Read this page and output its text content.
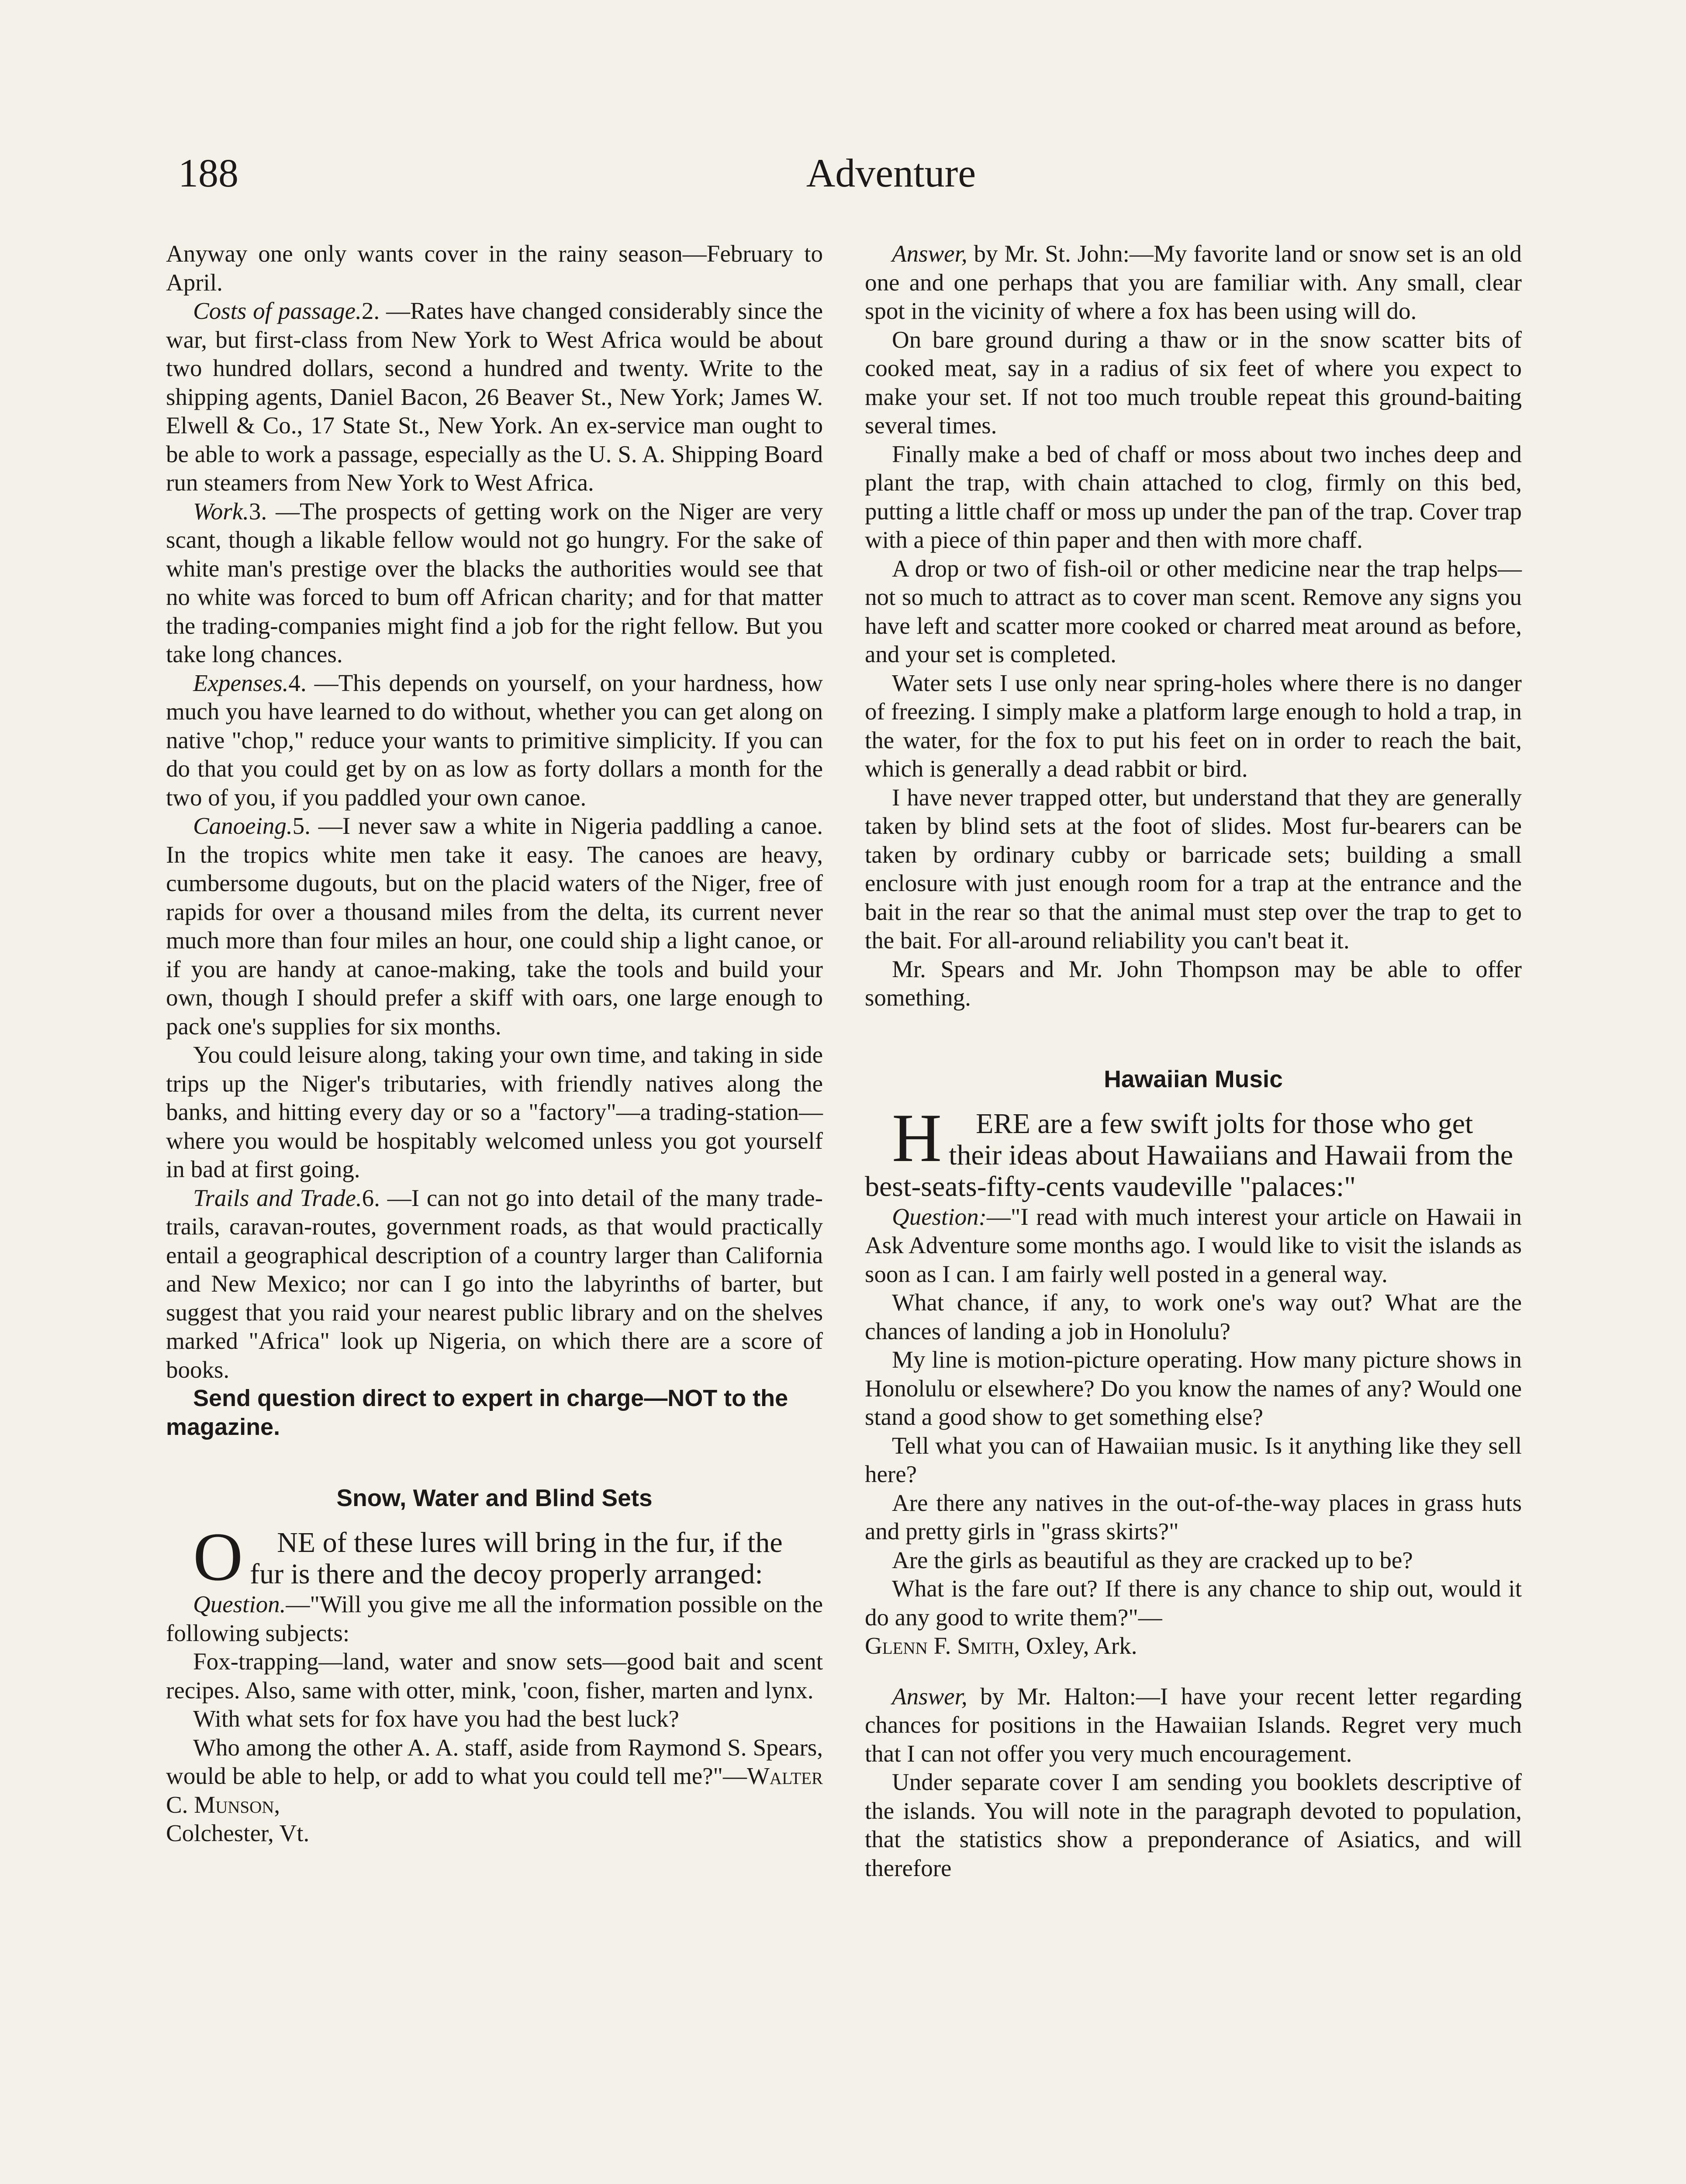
188	Adventure

Anyway one only wants cover in the rainy season—February to April.

Costs of passage.2. —Rates have changed considerably since the war, but first-class from New York to West Africa would be about two hundred dollars, second a hundred and twenty. Write to the shipping agents, Daniel Bacon, 26 Beaver St., New York; James W. Elwell & Co., 17 State St., New York. An ex-service man ought to be able to work a passage, especially as the U. S. A. Shipping Board run steamers from New York to West Africa.

Work.3. —The prospects of getting work on the Niger are very scant, though a likable fellow would not go hungry. For the sake of white man's prestige over the blacks the authorities would see that no white was forced to bum off African charity; and for that matter the trading-companies might find a job for the right fellow. But you take long chances.

Expenses.4. —This depends on yourself, on your hardness, how much you have learned to do without, whether you can get along on native "chop," reduce your wants to primitive simplicity. If you can do that you could get by on as low as forty dollars a month for the two of you, if you paddled your own canoe.

Canoeing.5. —I never saw a white in Nigeria paddling a canoe. In the tropics white men take it easy. The canoes are heavy, cumbersome dugouts, but on the placid waters of the Niger, free of rapids for over a thousand miles from the delta, its current never much more than four miles an hour, one could ship a light canoe, or if you are handy at canoe-making, take the tools and build your own, though I should prefer a skiff with oars, one large enough to pack one's supplies for six months.

You could leisure along, taking your own time, and taking in side trips up the Niger's tributaries, with friendly natives along the banks, and hitting every day or so a "factory"—a trading-station—where you would be hospitably welcomed unless you got yourself in bad at first going.

Trails and Trade.6. —I can not go into detail of the many trade-trails, caravan-routes, government roads, as that would practically entail a geographical description of a country larger than California and New Mexico; nor can I go into the labyrinths of barter, but suggest that you raid your nearest public library and on the shelves marked "Africa" look up Nigeria, on which there are a score of books.

Send question direct to expert in charge—NOT to the magazine.

Snow, Water and Blind Sets

O NE of these lures will bring in the fur, if the fur is there and the decoy properly arranged:

Question.—"Will you give me all the information possible on the following subjects:

Fox-trapping—land, water and snow sets—good bait and scent recipes. Also, same with otter, mink, 'coon, fisher, marten and lynx.

With what sets for fox have you had the best luck?

Who among the other A. A. staff, aside from Raymond S. Spears, would be able to help, or add to what you could tell me?"—Walter C. Munson,
Colchester, Vt.

Answer, by Mr. St. John:—My favorite land or snow set is an old one and one perhaps that you are familiar with. Any small, clear spot in the vicinity of where a fox has been using will do.

On bare ground during a thaw or in the snow scatter bits of cooked meat, say in a radius of six feet of where you expect to make your set. If not too much trouble repeat this ground-baiting several times.

Finally make a bed of chaff or moss about two inches deep and plant the trap, with chain attached to clog, firmly on this bed, putting a little chaff or moss up under the pan of the trap. Cover trap with a piece of thin paper and then with more chaff.

A drop or two of fish-oil or other medicine near the trap helps—not so much to attract as to cover man scent. Remove any signs you have left and scatter more cooked or charred meat around as before, and your set is completed.

Water sets I use only near spring-holes where there is no danger of freezing. I simply make a platform large enough to hold a trap, in the water, for the fox to put his feet on in order to reach the bait, which is generally a dead rabbit or bird.

I have never trapped otter, but understand that they are generally taken by blind sets at the foot of slides. Most fur-bearers can be taken by ordinary cubby or barricade sets; building a small enclosure with just enough room for a trap at the entrance and the bait in the rear so that the animal must step over the trap to get to the bait. For all-around reliability you can't beat it.

Mr. Spears and Mr. John Thompson may be able to offer something.

Hawaiian Music

H ERE are a few swift jolts for those who get their ideas about Hawaiians and Hawaii from the best-seats-fifty-cents vaudeville "palaces:"

Question:—"I read with much interest your article on Hawaii in Ask Adventure some months ago. I would like to visit the islands as soon as I can. I am fairly well posted in a general way.

What chance, if any, to work one's way out? What are the chances of landing a job in Honolulu?

My line is motion-picture operating. How many picture shows in Honolulu or elsewhere? Do you know the names of any? Would one stand a good show to get something else?

Tell what you can of Hawaiian music. Is it anything like they sell here?

Are there any natives in the out-of-the-way places in grass huts and pretty girls in "grass skirts?"

Are the girls as beautiful as they are cracked up to be?

What is the fare out? If there is any chance to ship out, would it do any good to write them?"—
Glenn F. Smith, Oxley, Ark.

Answer, by Mr. Halton:—I have your recent letter regarding chances for positions in the Hawaiian Islands. Regret very much that I can not offer you very much encouragement.

Under separate cover I am sending you booklets descriptive of the islands. You will note in the paragraph devoted to population, that the statistics show a preponderance of Asiatics, and will therefore
